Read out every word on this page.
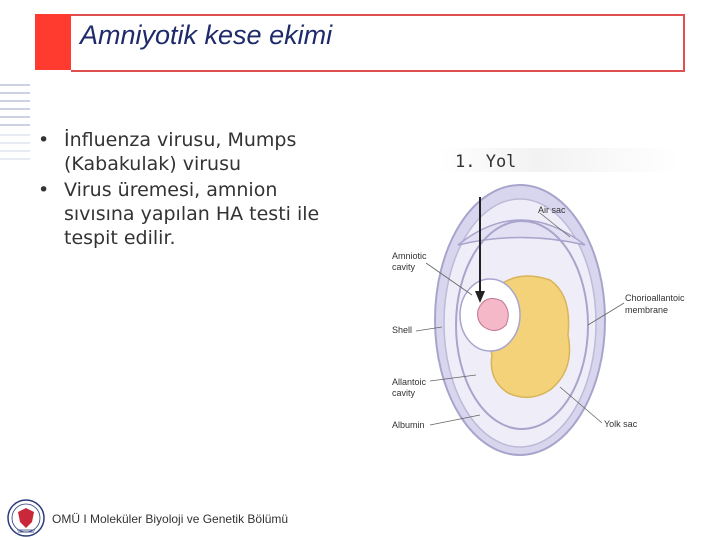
Amniyotik kese ekimi
• İnfluenza virusu, Mumps (Kabakulak) virusu
• Virus üremesi, amnion sıvısına yapılan HA testi ile tespit edilir.
1. Yol
Air sac
Amniotic
cavity
Shell
Allantoic
cavity
Albumin
Chorioallantoic
membrane
Yolk sac
OMÜ I Moleküler Biyoloji ve Genetik Bölümü
